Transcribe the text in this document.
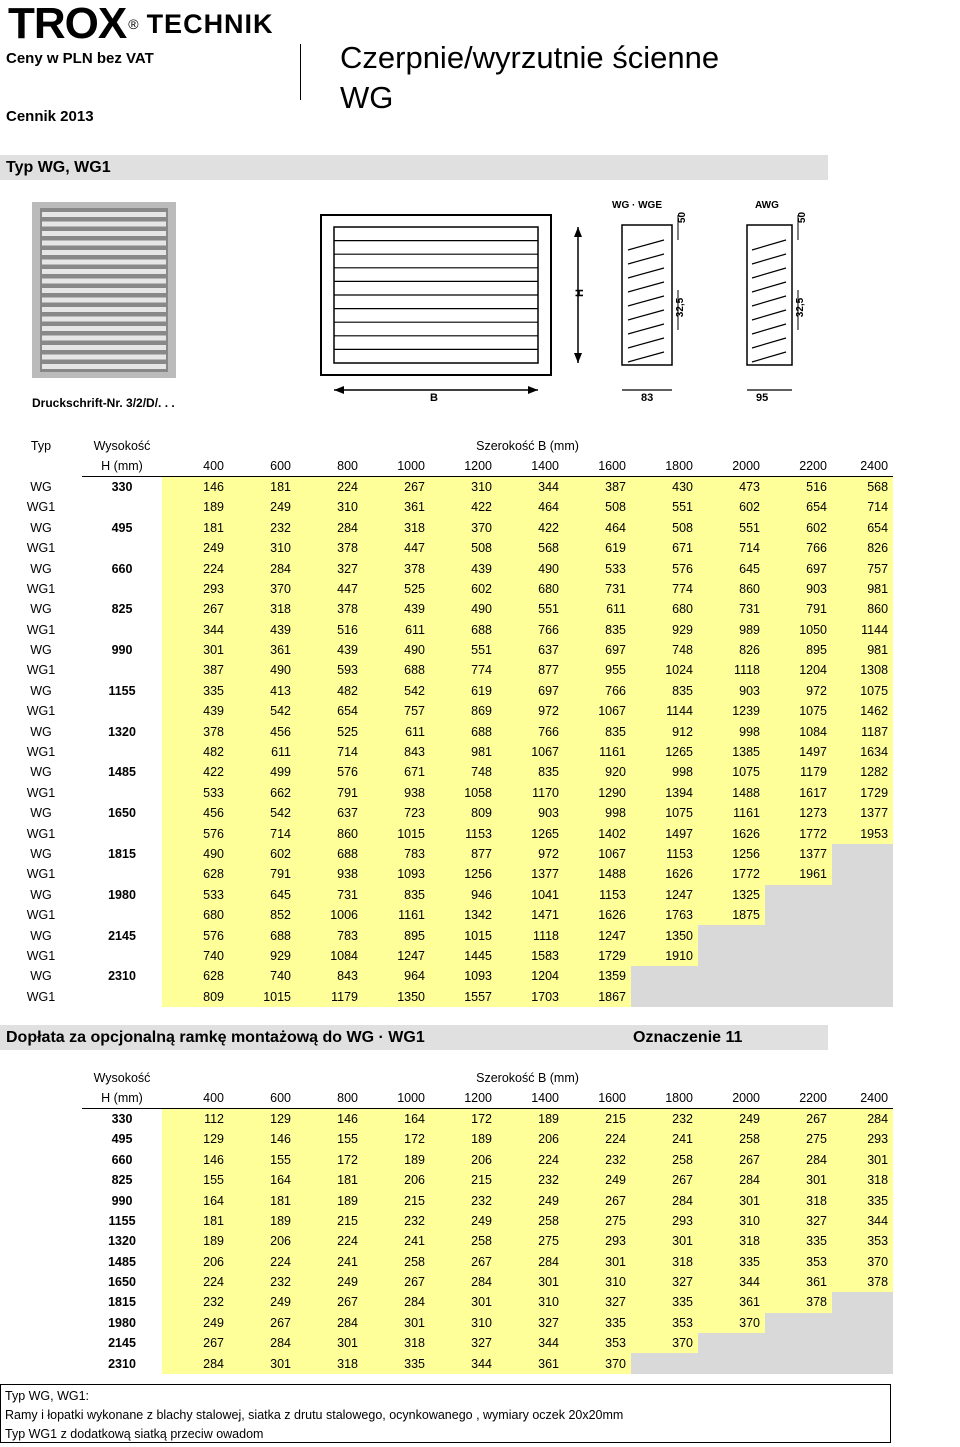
TROX ® TECHNIK
Ceny w PLN bez VAT
Cennik 2013
Czerpnie/wyrzutnie ścienne
WG
Typ WG, WG1
Druckschrift-Nr. 3/2/D/. . .
H
B
WG · WGE	AWG
83	95
50	50
32,5	32,5
Typ	Wysokość	Szerokość B (mm)										
	H (mm)	400	600	800	1000	1200	1400	1600	1800	2000	2200	2400
WG	330	146	181	224	267	310	344	387	430	473	516	568
WG1		189	249	310	361	422	464	508	551	602	654	714
WG	495	181	232	284	318	370	422	464	508	551	602	654
WG1		249	310	378	447	508	568	619	671	714	766	826
WG	660	224	284	327	378	439	490	533	576	645	697	757
WG1		293	370	447	525	602	680	731	774	860	903	981
WG	825	267	318	378	439	490	551	611	680	731	791	860
WG1		344	439	516	611	688	766	835	929	989	1050	1144
WG	990	301	361	439	490	551	637	697	748	826	895	981
WG1		387	490	593	688	774	877	955	1024	1118	1204	1308
WG	1155	335	413	482	542	619	697	766	835	903	972	1075
WG1		439	542	654	757	869	972	1067	1144	1239	1075	1462
WG	1320	378	456	525	611	688	766	835	912	998	1084	1187
WG1		482	611	714	843	981	1067	1161	1265	1385	1497	1634
WG	1485	422	499	576	671	748	835	920	998	1075	1179	1282
WG1		533	662	791	938	1058	1170	1290	1394	1488	1617	1729
WG	1650	456	542	637	723	809	903	998	1075	1161	1273	1377
WG1		576	714	860	1015	1153	1265	1402	1497	1626	1772	1953
WG	1815	490	602	688	783	877	972	1067	1153	1256	1377	
WG1		628	791	938	1093	1256	1377	1488	1626	1772	1961	
WG	1980	533	645	731	835	946	1041	1153	1247	1325		
WG1		680	852	1006	1161	1342	1471	1626	1763	1875		
WG	2145	576	688	783	895	1015	1118	1247	1350			
WG1		740	929	1084	1247	1445	1583	1729	1910			
WG	2310	628	740	843	964	1093	1204	1359				
WG1		809	1015	1179	1350	1557	1703	1867				
Dopłata za opcjonalną ramkę montażową do WG · WG1	Oznaczenie 11
Wysokość	Szerokość B (mm)										
H (mm)	400	600	800	1000	1200	1400	1600	1800	2000	2200	2400
330	112	129	146	164	172	189	215	232	249	267	284
495	129	146	155	172	189	206	224	241	258	275	293
660	146	155	172	189	206	224	232	258	267	284	301
825	155	164	181	206	215	232	249	267	284	301	318
990	164	181	189	215	232	249	267	284	301	318	335
1155	181	189	215	232	249	258	275	293	310	327	344
1320	189	206	224	241	258	275	293	301	318	335	353
1485	206	224	241	258	267	284	301	318	335	353	370
1650	224	232	249	267	284	301	310	327	344	361	378
1815	232	249	267	284	301	310	327	335	361	378	
1980	249	267	284	301	310	327	335	353	370		
2145	267	284	301	318	327	344	353	370			
2310	284	301	318	335	344	361	370				
Typ WG, WG1:
Ramy i łopatki wykonane z blachy stalowej, siatka z drutu stalowego, ocynkowanego , wymiary oczek 20x20mm
Typ WG1 z dodatkową siatką przeciw owadom
